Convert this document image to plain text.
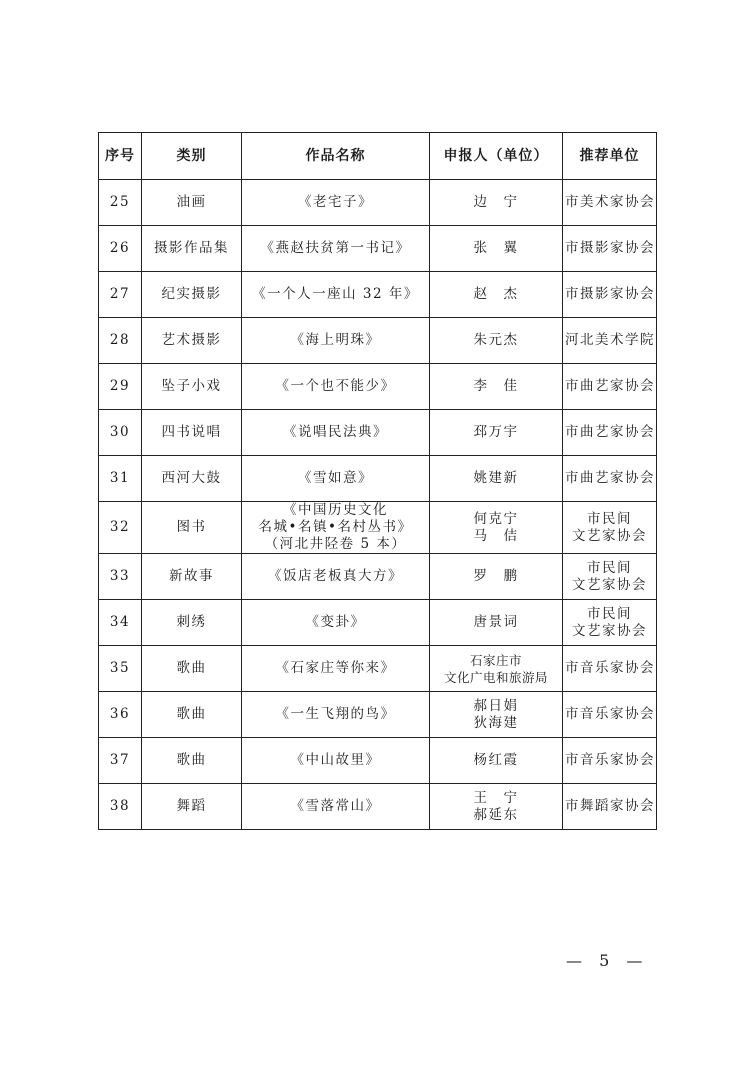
序号	类别	作品名称	申报人（单位）	推荐单位
25	油画	《老宅子》	边　宁	市美术家协会

26	摄影作品集	《燕赵扶贫第一书记》	张　翼	市摄影家协会

27	纪实摄影	《一个人一座山 32 年》	赵　杰	市摄影家协会

28	艺术摄影	《海上明珠》	朱元杰	河北美术学院

29	坠子小戏	《一个也不能少》	李　佳	市曲艺家协会

30	四书说唱	《说唱民法典》	邳万宇	市曲艺家协会

31	西河大鼓	《雪如意》	姚建新	市曲艺家协会

32	图书	《中国历史文化
名城•名镇•名村丛书》
（河北井陉卷 5 本）	何克宁
马　佶	市民间
文艺家协会

33	新故事	《饭店老板真大方》	罗　鹏	市民间
文艺家协会

34	刺绣	《变卦》	唐景词	市民间
文艺家协会

35	歌曲	《石家庄等你来》	石家庄市
文化广电和旅游局	市音乐家协会

36	歌曲	《一生飞翔的鸟》	郝日娟
狄海建	市音乐家协会

37	歌曲	《中山故里》	杨红霞	市音乐家协会

38	舞蹈	《雪落常山》	王　宁
郝延东	市舞蹈家协会
— 5 —
